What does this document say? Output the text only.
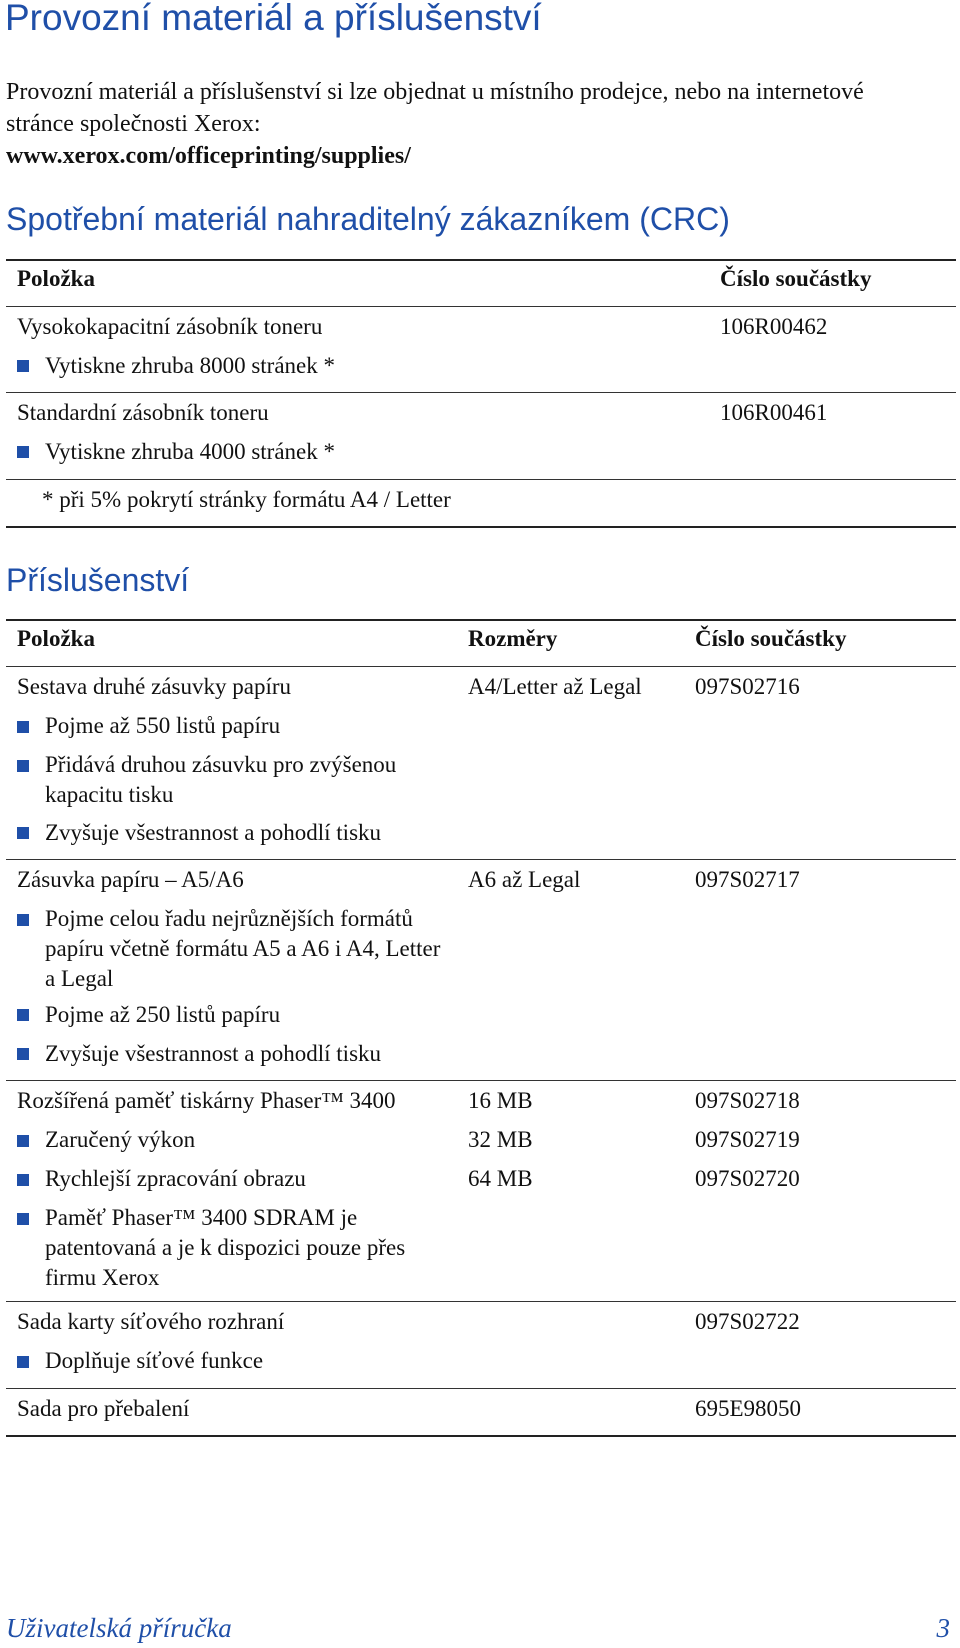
Provozní materiál a příslušenství

Provozní materiál a příslušenství si lze objednat u místního prodejce, nebo na internetové stránce společnosti Xerox:
www.xerox.com/officeprinting/supplies/

Spotřební materiál nahraditelný zákazníkem (CRC)
Položka	Číslo součástky
Vysokokapacitní zásobník toneru	106R00462
Vytiskne zhruba 8000 stránek *
Standardní zásobník toneru	106R00461
Vytiskne zhruba 4000 stránek *
* při 5% pokrytí stránky formátu A4 / Letter
Příslušenství
Položka	Rozměry	Číslo součástky
Sestava druhé zásuvky papíru	A4/Letter až Legal 097S02716
Pojme až 550 listů papíru
Přidává druhou zásuvku pro zvýšenou kapacitu tisku
Zvyšuje všestrannost a pohodlí tisku
Zásuvka papíru – A5/A6	A6 až Legal	097S02717
Pojme celou řadu nejrůznějších formátů papíru včetně formátu A5 a A6 i A4, Letter a Legal
Pojme až 250 listů papíru
Zvyšuje všestrannost a pohodlí tisku
Rozšířená paměť tiskárny Phaser™ 3400	16 MB	097S02718
Zaručený výkon	32 MB	097S02719
Rychlejší zpracování obrazu	64 MB	097S02720
Paměť Phaser™ 3400 SDRAM je patentovaná a je k dispozici pouze přes firmu Xerox
Sada karty síťového rozhraní	097S02722
Doplňuje síťové funkce
Sada pro přebalení	695E98050
Uživatelská příručka	3
